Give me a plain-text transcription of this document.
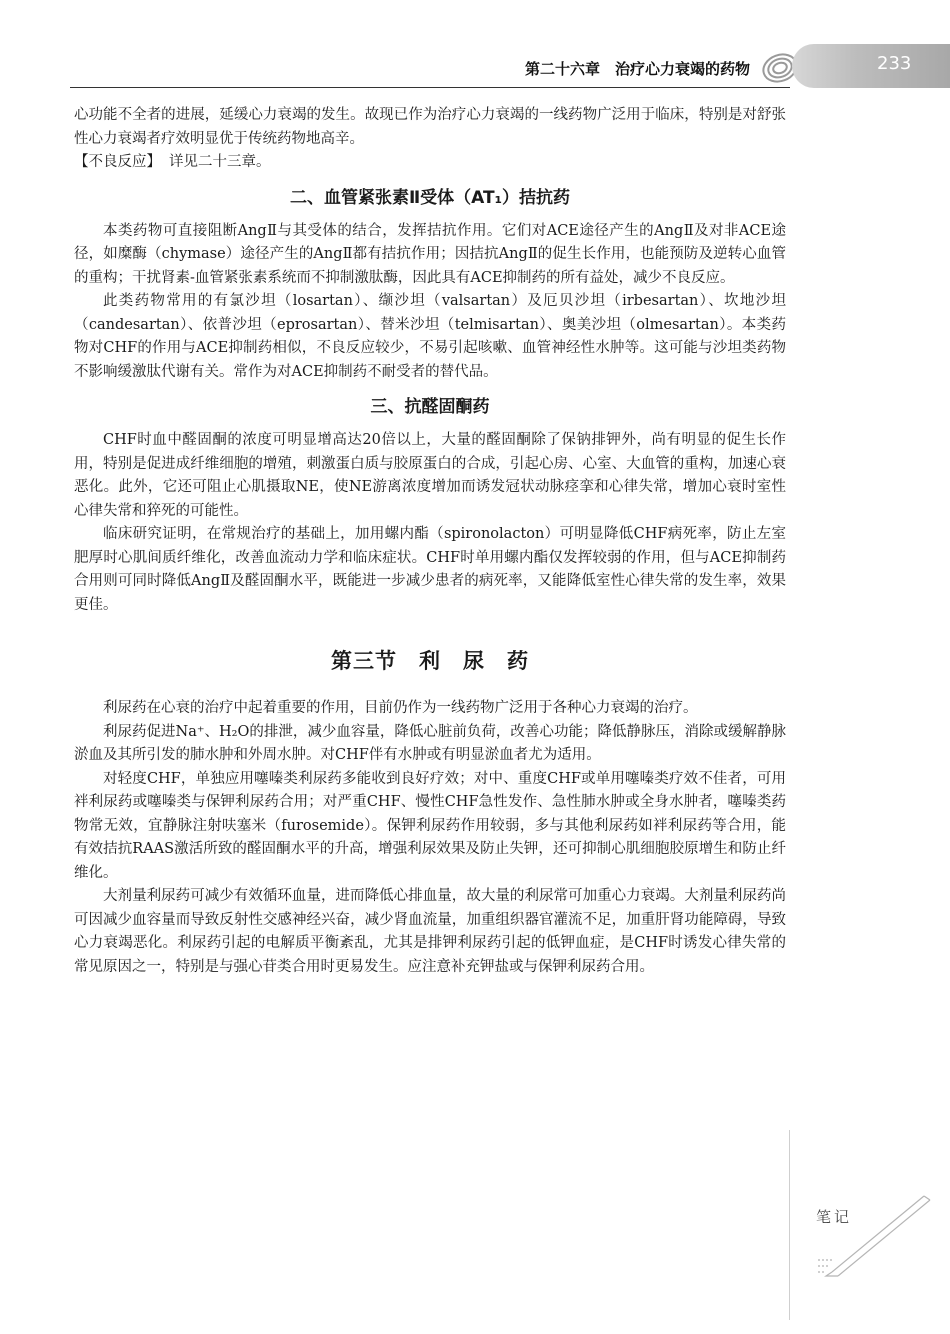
第二十六章　治疗心力衰竭的药物	233

心功能不全者的进展，延缓心力衰竭的发生。故现已作为治疗心力衰竭的一线药物广泛用于临床，特别是对舒张性心力衰竭者疗效明显优于传统药物地高辛。

【不良反应】 详见二十三章。
二、血管紧张素Ⅱ受体（AT₁）拮抗药

本类药物可直接阻断AngⅡ与其受体的结合，发挥拮抗作用。它们对ACE途径产生的AngⅡ及对非ACE途径，如糜酶（chymase）途径产生的AngⅡ都有拮抗作用；因拮抗AngⅡ的促生长作用，也能预防及逆转心血管的重构；干扰肾素-血管紧张素系统而不抑制激肽酶，因此具有ACE抑制药的所有益处，减少不良反应。

此类药物常用的有氯沙坦（losartan）、缬沙坦（valsartan）及厄贝沙坦（irbesartan）、坎地沙坦（candesartan）、依普沙坦（eprosartan）、替米沙坦（telmisartan）、奥美沙坦（olmesartan）。本类药物对CHF的作用与ACE抑制药相似，不良反应较少，不易引起咳嗽、血管神经性水肿等。这可能与沙坦类药物不影响缓激肽代谢有关。常作为对ACE抑制药不耐受者的替代品。

三、抗醛固酮药

CHF时血中醛固酮的浓度可明显增高达20倍以上，大量的醛固酮除了保钠排钾外，尚有明显的促生长作用，特别是促进成纤维细胞的增殖，刺激蛋白质与胶原蛋白的合成，引起心房、心室、大血管的重构，加速心衰恶化。此外，它还可阻止心肌摄取NE，使NE游离浓度增加而诱发冠状动脉痉挛和心律失常，增加心衰时室性心律失常和猝死的可能性。

临床研究证明，在常规治疗的基础上，加用螺内酯（spironolacton）可明显降低CHF病死率，防止左室肥厚时心肌间质纤维化，改善血流动力学和临床症状。CHF时单用螺内酯仅发挥较弱的作用，但与ACE抑制药合用则可同时降低AngⅡ及醛固酮水平，既能进一步减少患者的病死率，又能降低室性心律失常的发生率，效果更佳。

第三节　利　尿　药

利尿药在心衰的治疗中起着重要的作用，目前仍作为一线药物广泛用于各种心力衰竭的治疗。

利尿药促进Na⁺、H₂O的排泄，减少血容量，降低心脏前负荷，改善心功能；降低静脉压，消除或缓解静脉淤血及其所引发的肺水肿和外周水肿。对CHF伴有水肿或有明显淤血者尤为适用。

对轻度CHF，单独应用噻嗪类利尿药多能收到良好疗效；对中、重度CHF或单用噻嗪类疗效不佳者，可用袢利尿药或噻嗪类与保钾利尿药合用；对严重CHF、慢性CHF急性发作、急性肺水肿或全身水肿者，噻嗪类药物常无效，宜静脉注射呋塞米（furosemide）。保钾利尿药作用较弱，多与其他利尿药如袢利尿药等合用，能有效拮抗RAAS激活所致的醛固酮水平的升高，增强利尿效果及防止失钾，还可抑制心肌细胞胶原增生和防止纤维化。

大剂量利尿药可减少有效循环血量，进而降低心排血量，故大量的利尿常可加重心力衰竭。大剂量利尿药尚可因减少血容量而导致反射性交感神经兴奋，减少肾血流量，加重组织器官灌流不足，加重肝肾功能障碍，导致心力衰竭恶化。利尿药引起的电解质平衡紊乱，尤其是排钾利尿药引起的低钾血症，是CHF时诱发心律失常的常见原因之一，特别是与强心苷类合用时更易发生。应注意补充钾盐或与保钾利尿药合用。

笔记
